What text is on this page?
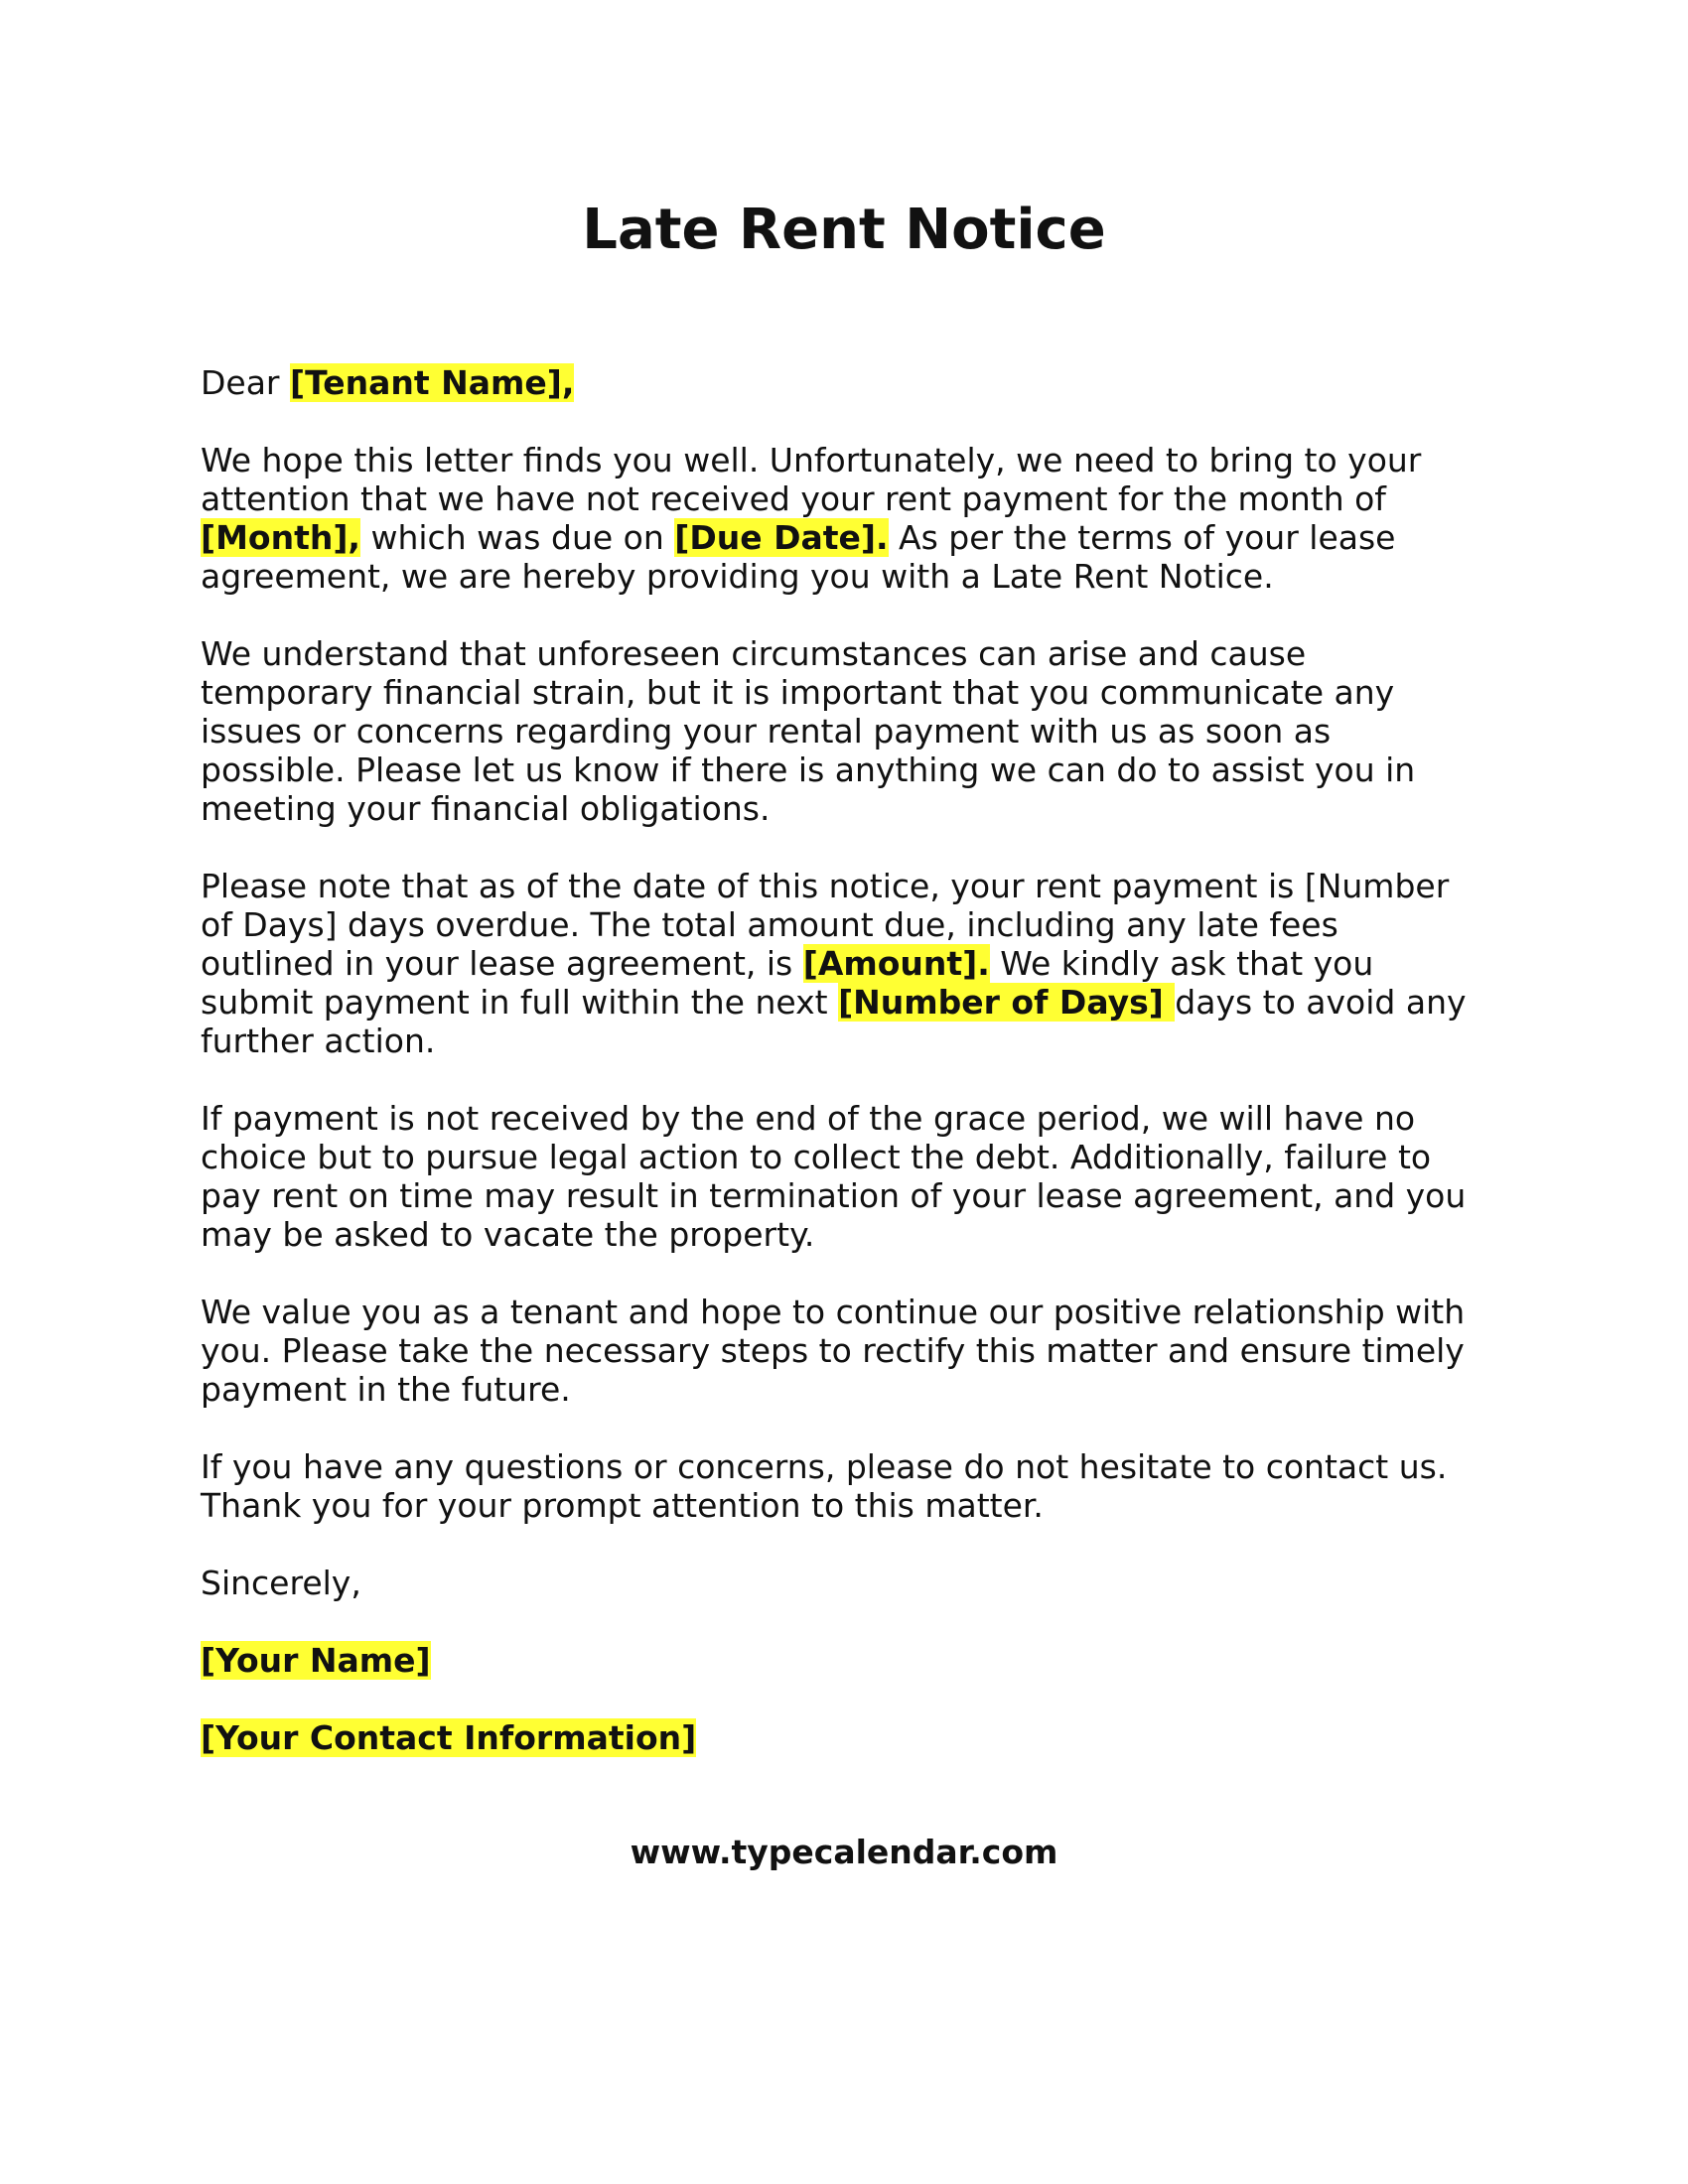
Late Rent Notice

Dear [Tenant Name],

We hope this letter finds you well. Unfortunately, we need to bring to your
attention that we have not received your rent payment for the month of
[Month], which was due on [Due Date]. As per the terms of your lease
agreement, we are hereby providing you with a Late Rent Notice.

We understand that unforeseen circumstances can arise and cause
temporary financial strain, but it is important that you communicate any
issues or concerns regarding your rental payment with us as soon as
possible. Please let us know if there is anything we can do to assist you in
meeting your financial obligations.

Please note that as of the date of this notice, your rent payment is [Number
of Days] days overdue. The total amount due, including any late fees
outlined in your lease agreement, is [Amount]. We kindly ask that you
submit payment in full within the next [Number of Days] days to avoid any
further action.

If payment is not received by the end of the grace period, we will have no
choice but to pursue legal action to collect the debt. Additionally, failure to
pay rent on time may result in termination of your lease agreement, and you
may be asked to vacate the property.

We value you as a tenant and hope to continue our positive relationship with
you. Please take the necessary steps to rectify this matter and ensure timely
payment in the future.

If you have any questions or concerns, please do not hesitate to contact us.
Thank you for your prompt attention to this matter.

Sincerely,

[Your Name]

[Your Contact Information]

www.typecalendar.com
